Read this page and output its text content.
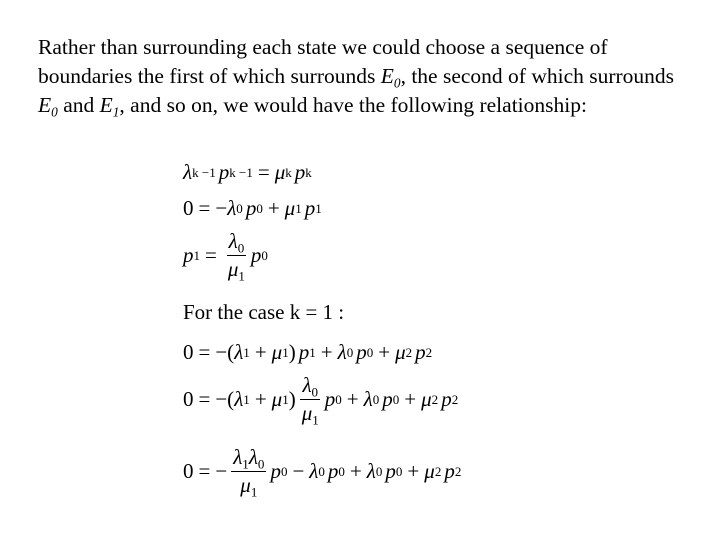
Rather than surrounding each state we could choose a sequence of boundaries the first of which surrounds $E_0$, the second of which surrounds $E_0$ and $E_1$, and so on, we would have the following relationship:

λ k −1 p k −1 = μ k p k
0 = − λ 0 p 0 + μ 1 p 1
p $1 = \frac{\lambda_0}{\mu_1}$ p 0
For the case k = 1 :
0 = −( λ 1 + μ 1 ) p 1 + λ 0 p 0 + μ 2 p 2
0 = −( λ 1 + μ 1 ) $\frac{\lambda_0}{\mu_1}$ p 0 + λ 0 p 0 + μ 2 p 2
0 = − $\frac{\lambda_1\lambda_0}{\mu_1}$ p 0 − λ 0 p 0 + λ 0 p 0 + μ 2 p 2
